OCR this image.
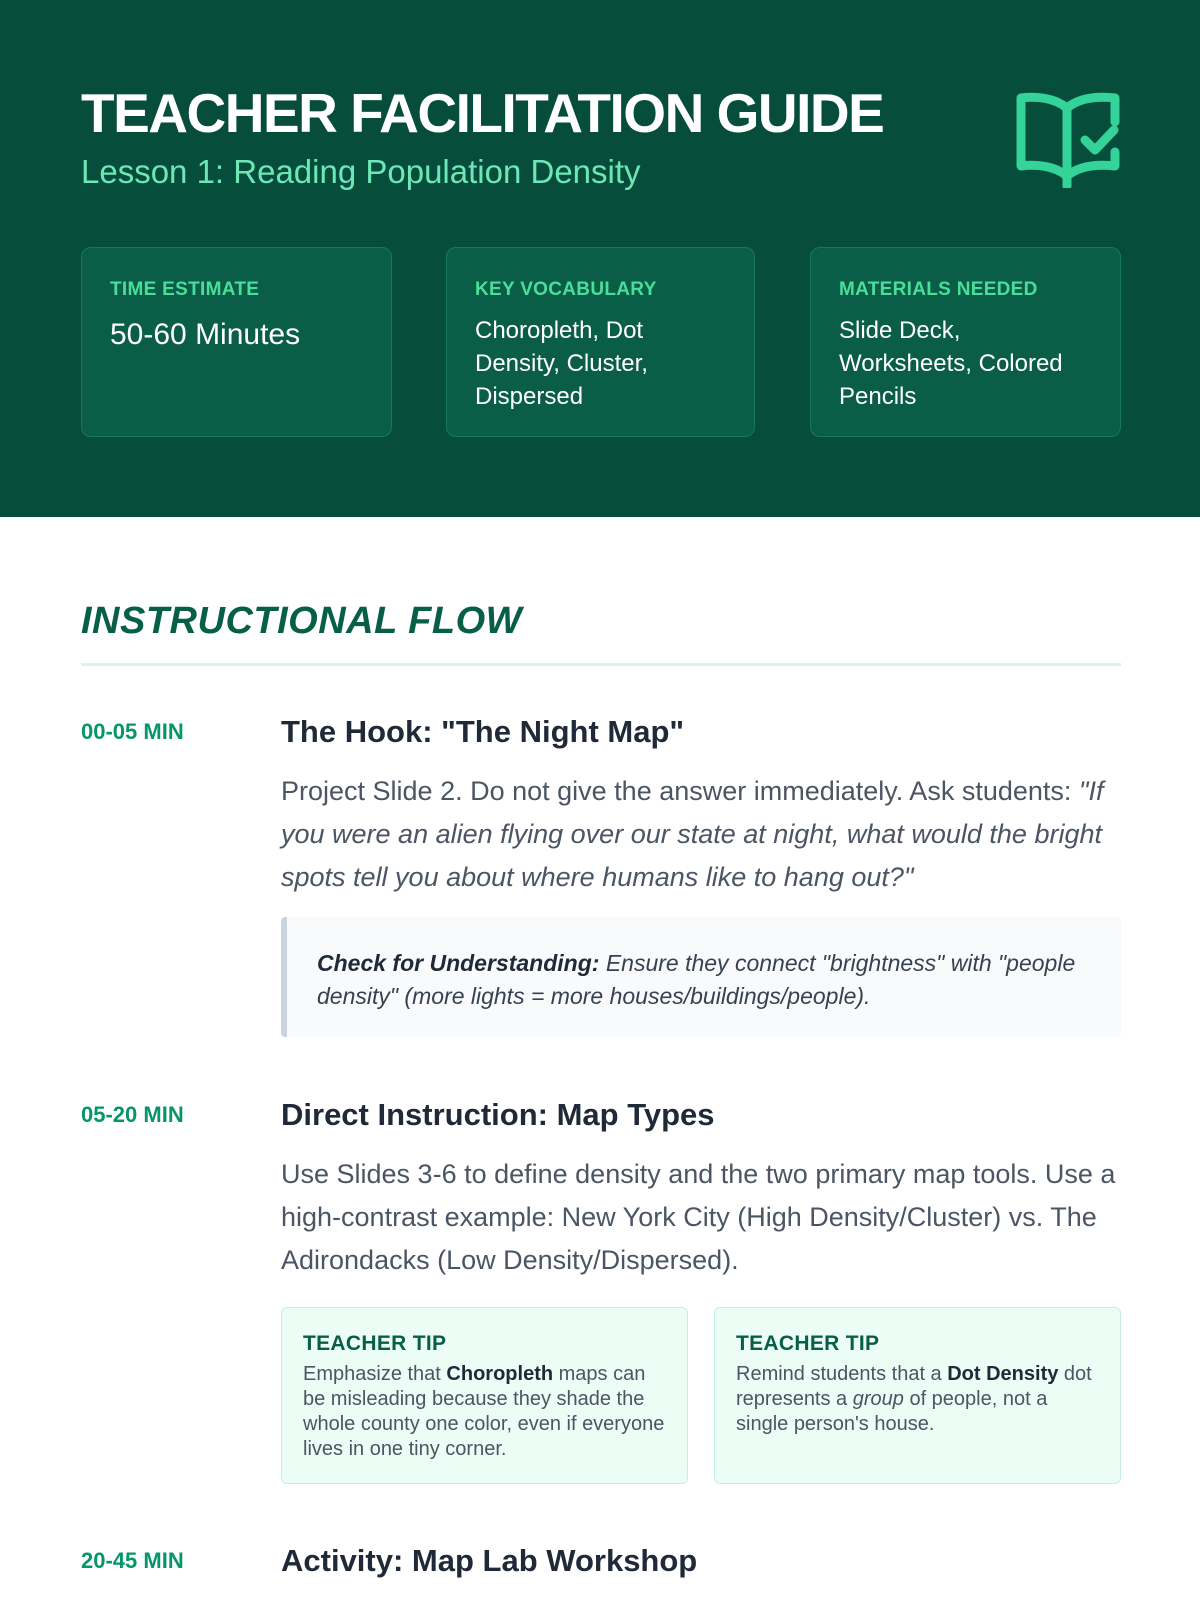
TEACHER FACILITATION GUIDE
Lesson 1: Reading Population Density
TIME ESTIMATE
50-60 Minutes
KEY VOCABULARY
Choropleth, Dot Density, Cluster, Dispersed
MATERIALS NEEDED
Slide Deck, Worksheets, Colored Pencils
INSTRUCTIONAL FLOW
00-05 MIN	The Hook: "The Night Map"
Project Slide 2. Do not give the answer immediately. Ask students: "If you were an alien flying over our state at night, what would the bright spots tell you about where humans like to hang out?"
Check for Understanding: Ensure they connect "brightness" with "people density" (more lights = more houses/buildings/people).
05-20 MIN	Direct Instruction: Map Types
Use Slides 3-6 to define density and the two primary map tools. Use a high-contrast example: New York City (High Density/Cluster) vs. The Adirondacks (Low Density/Dispersed).
TEACHER TIP
Emphasize that Choropleth maps can be misleading because they shade the whole county one color, even if everyone lives in one tiny corner.
TEACHER TIP
Remind students that a Dot Density dot represents a group of people, not a single person's house.
20-45 MIN	Activity: Map Lab Workshop
